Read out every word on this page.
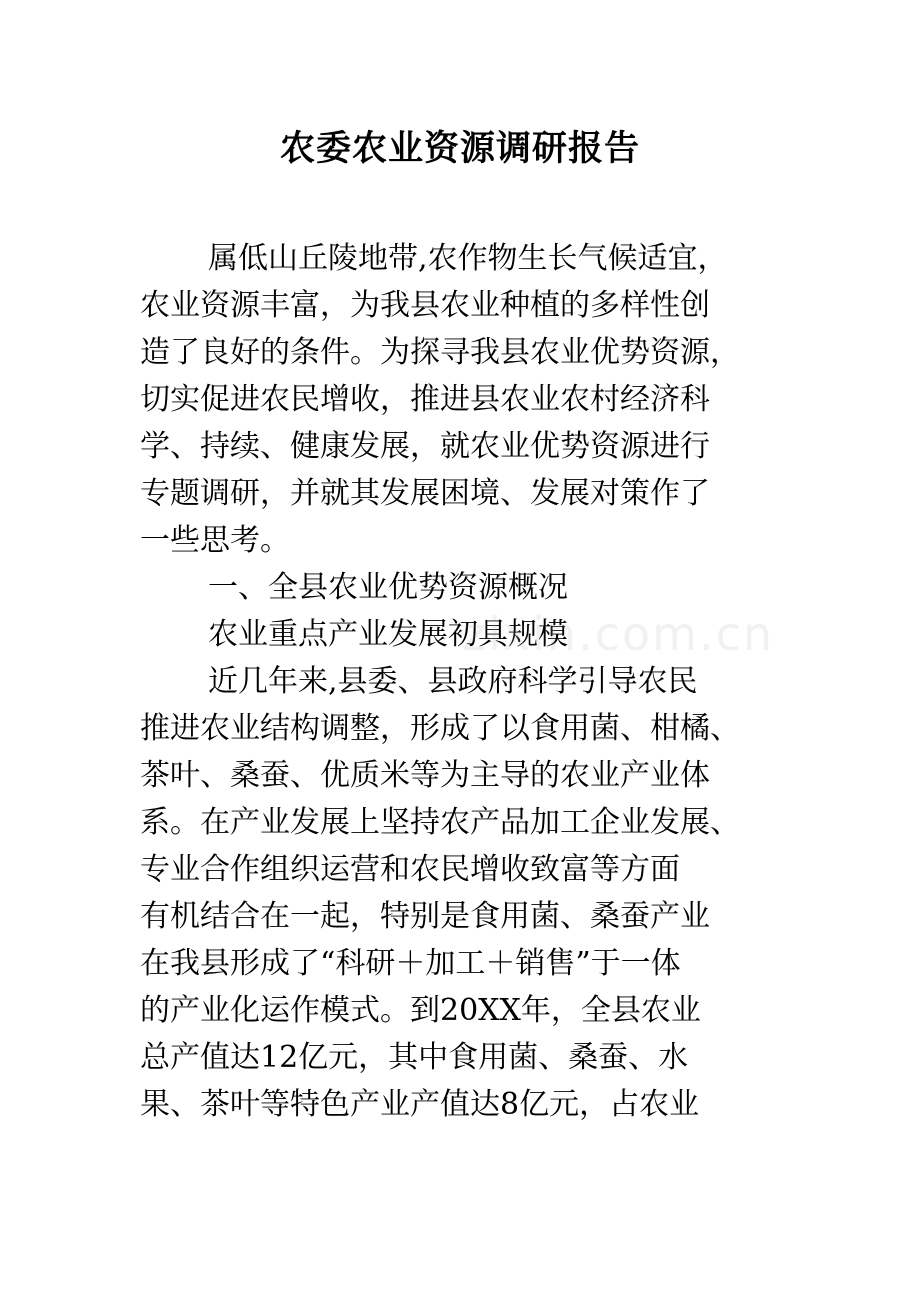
农委农业资源调研报告
属低山丘陵地带,农作物生长气候适宜，
农业资源丰富，为我县农业种植的多样性创
造了良好的条件。为探寻我县农业优势资源，
切实促进农民增收，推进县农业农村经济科
学、持续、健康发展，就农业优势资源进行
专题调研，并就其发展困境、发展对策作了
一些思考。
一、全县农业优势资源概况
农业重点产业发展初具规模
近几年来,县委、县政府科学引导农民
推进农业结构调整，形成了以食用菌、柑橘、
茶叶、桑蚕、优质米等为主导的农业产业体
系。在产业发展上坚持农产品加工企业发展、
专业合作组织运营和农民增收致富等方面
有机结合在一起，特别是食用菌、桑蚕产业
在我县形成了“科研＋加工＋销售”于一体
的产业化运作模式。到20XX年，全县农业
总产值达12亿元，其中食用菌、桑蚕、水
果、茶叶等特色产业产值达8亿元，占农业
zixin.com.cn
